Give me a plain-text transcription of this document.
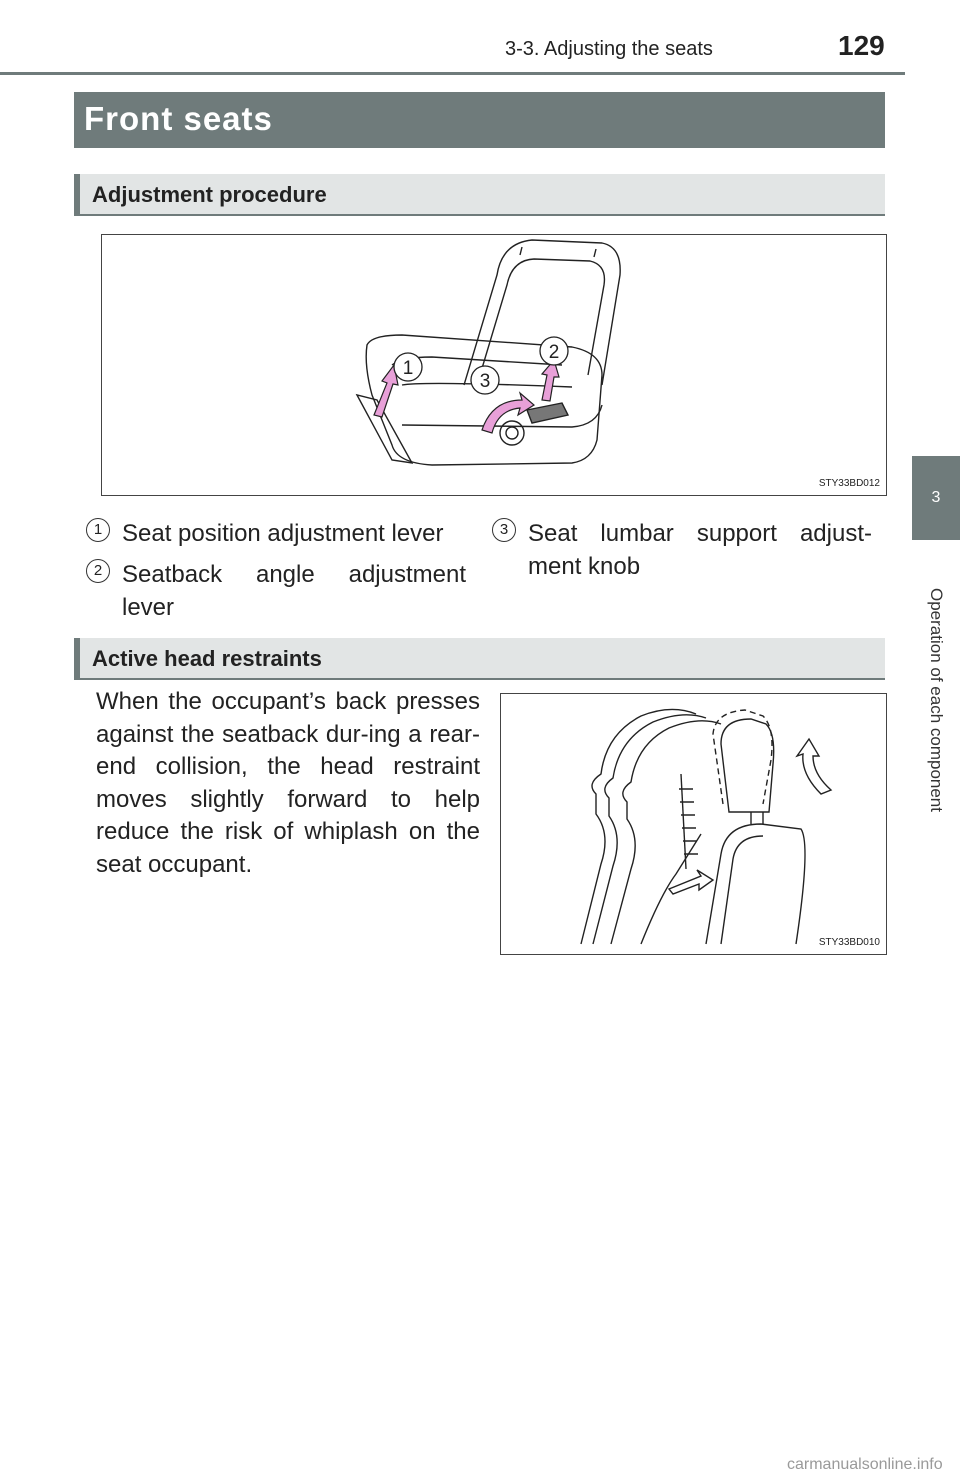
3-3. Adjusting the seats	129
3
Operation of each component
Front seats
Adjustment procedure
1
3
2
STY33BD012
1 Seat position adjustment lever
2 Seatback angle adjustment lever
3 Seat lumbar support adjust-ment knob
Active head restraints
When the occupant’s back presses against the seatback dur-ing a rear-end collision, the head restraint moves slightly forward to help reduce the risk of whiplash on the seat occupant.
STY33BD010
carmanualsonline.info
